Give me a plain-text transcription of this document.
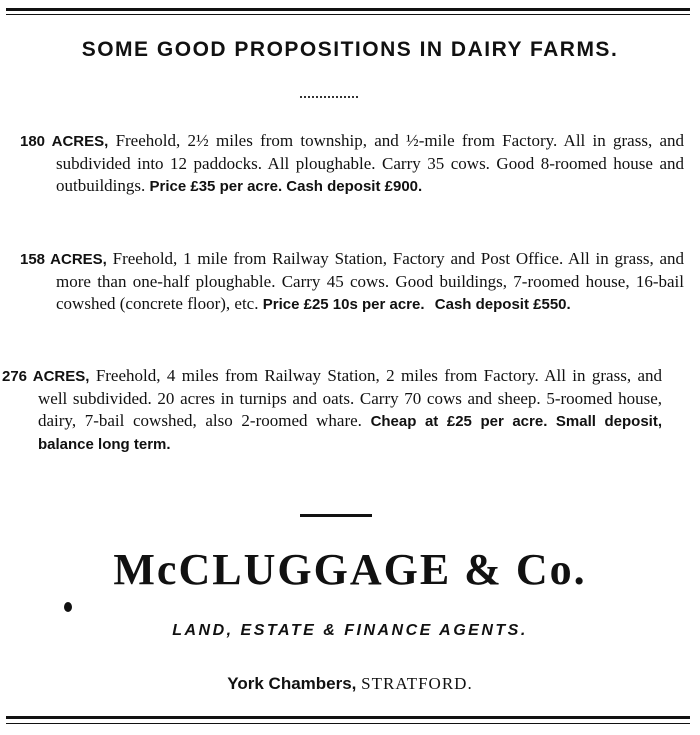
SOME GOOD PROPOSITIONS IN DAIRY FARMS.

180 ACRES, Freehold, 2½ miles from township, and ½-mile from Factory. All in grass, and subdivided into 12 paddocks. All ploughable. Carry 35 cows. Good 8-roomed house and outbuildings. Price £35 per acre. Cash deposit £900.

158 ACRES, Freehold, 1 mile from Railway Station, Factory and Post Office. All in grass, and more than one-half ploughable. Carry 45 cows. Good buildings, 7-roomed house, 16-bail cowshed (concrete floor), etc. Price £25 10s per acre. Cash deposit £550.

276 ACRES, Freehold, 4 miles from Railway Station, 2 miles from Factory. All in grass, and well subdivided. 20 acres in turnips and oats. Carry 70 cows and sheep. 5-roomed house, dairy, 7-bail cowshed, also 2-roomed whare. Cheap at £25 per acre. Small deposit, balance long term.

McCLUGGAGE & Co.
LAND, ESTATE & FINANCE AGENTS.
York Chambers, STRATFORD.
